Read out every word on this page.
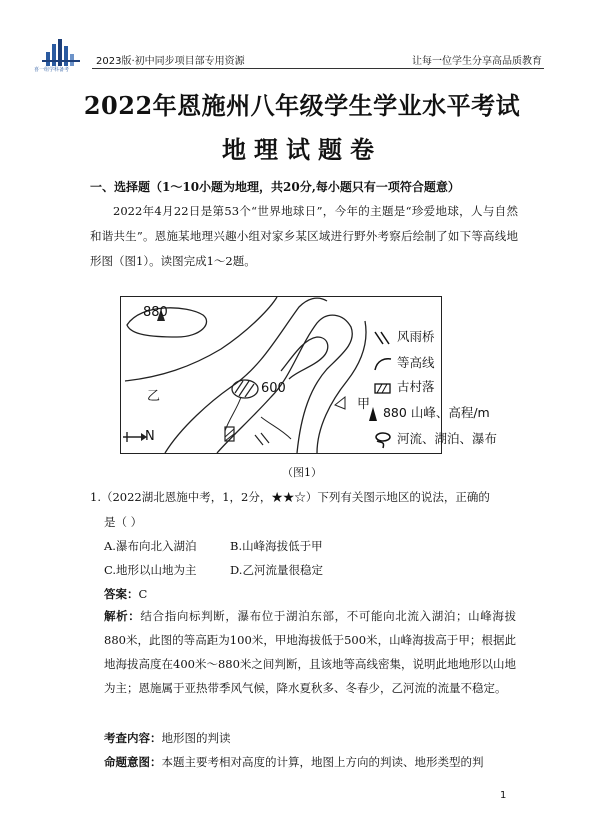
喜一组学科备考
2023版·初中同步项目部专用资源	让每一位学生分享高品质教育
2022年恩施州八年级学生学业水平考试
地理试题卷
一、选择题（1～10小题为地理，共20分,每小题只有一项符合题意）
2022年4月22日是第53个“世界地球日”，今年的主题是“珍爱地球，人与自然和谐共生”。恩施某地理兴趣小组对家乡某区域进行野外考察后绘制了如下等高线地形图（图1）。读图完成1～2题。
880
600
乙
甲
N
风雨桥
等高线
古村落
880 山峰、高程/m
河流、湖泊、瀑布
（图1）
1.（2022湖北恩施中考，1，2分，★★☆）下列有关图示地区的说法，正确的
是（ ）
A.瀑布向北入湖泊	B.山峰海拔低于甲
C.地形以山地为主	D.乙河流量很稳定
答案：C
解析：结合指向标判断，瀑布位于湖泊东部，不可能向北流入湖泊；山峰海拔880米，此图的等高距为100米，甲地海拔低于500米，山峰海拔高于甲；根据此地海拔高度在400米～880米之间判断，且该地等高线密集，说明此地地形以山地为主；恩施属于亚热带季风气候，降水夏秋多、冬春少，乙河流的流量不稳定。
考查内容：地形图的判读
命题意图：本题主要考相对高度的计算，地图上方向的判读、地形类型的判
1
